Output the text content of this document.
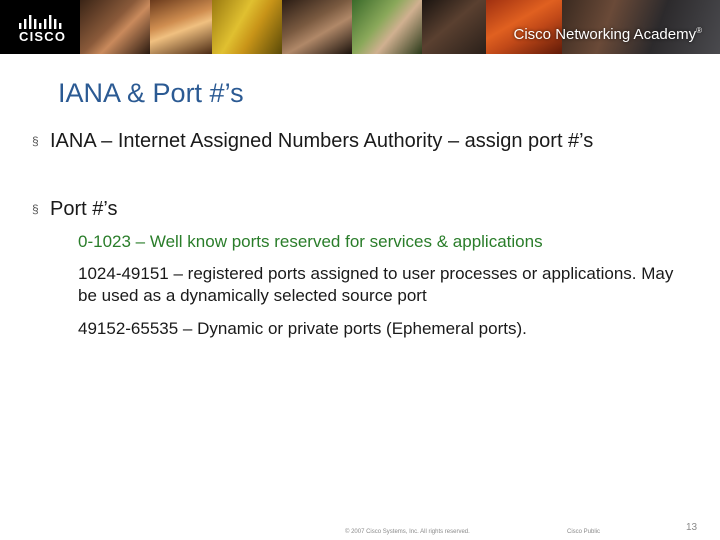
CISCO	Cisco Networking Academy®
IANA & Port #’s
§ IANA – Internet Assigned Numbers Authority – assign port #’s
§ Port #’s
0-1023 – Well know ports reserved for services & applications
1024-49151 – registered ports assigned to user processes or applications. May be used as a dynamically selected source port
49152-65535 – Dynamic or private ports (Ephemeral ports).
© 2007 Cisco Systems, Inc. All rights reserved.	Cisco Public	13
